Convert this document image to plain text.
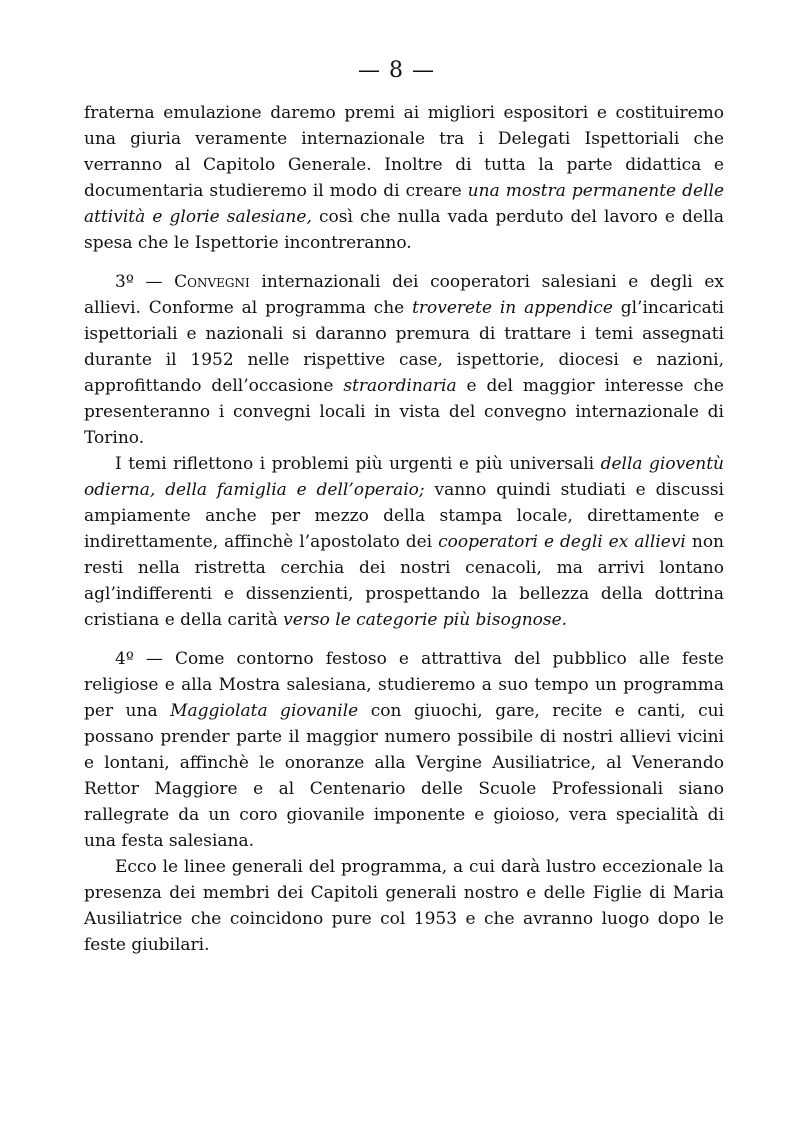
— 8 —

fraterna emulazione daremo premi ai migliori espositori e costituiremo una giuria veramente internazionale tra i Delegati Ispettoriali che verranno al Capitolo Generale. Inoltre di tutta la parte didattica e documentaria studieremo il modo di creare una mostra permanente delle attività e glorie salesiane, così che nulla vada perduto del lavoro e della spesa che le Ispettorie incontreranno.

3º — Convegni internazionali dei cooperatori salesiani e degli ex allievi. Conforme al programma che troverete in appendice gl’incaricati ispettoriali e nazionali si daranno premura di trattare i temi assegnati durante il 1952 nelle rispettive case, ispettorie, diocesi e nazioni, approfittando dell’occasione straordinaria e del maggior interesse che presenteranno i convegni locali in vista del convegno internazionale di Torino.

I temi riflettono i problemi più urgenti e più universali della gioventù odierna, della famiglia e dell’operaio; vanno quindi studiati e discussi ampiamente anche per mezzo della stampa locale, direttamente e indirettamente, affinchè l’apostolato dei cooperatori e degli ex allievi non resti nella ristretta cerchia dei nostri cenacoli, ma arrivi lontano agl’indifferenti e dissenzienti, prospettando la bellezza della dottrina cristiana e della carità verso le categorie più bisognose.

4º — Come contorno festoso e attrattiva del pubblico alle feste religiose e alla Mostra salesiana, studieremo a suo tempo un programma per una Maggiolata giovanile con giuochi, gare, recite e canti, cui possano prender parte il maggior numero possibile di nostri allievi vicini e lontani, affinchè le onoranze alla Vergine Ausiliatrice, al Venerando Rettor Maggiore e al Centenario delle Scuole Professionali siano rallegrate da un coro giovanile imponente e gioioso, vera specialità di una festa salesiana.

Ecco le linee generali del programma, a cui darà lustro eccezionale la presenza dei membri dei Capitoli generali nostro e delle Figlie di Maria Ausiliatrice che coincidono pure col 1953 e che avranno luogo dopo le feste giubilari.
